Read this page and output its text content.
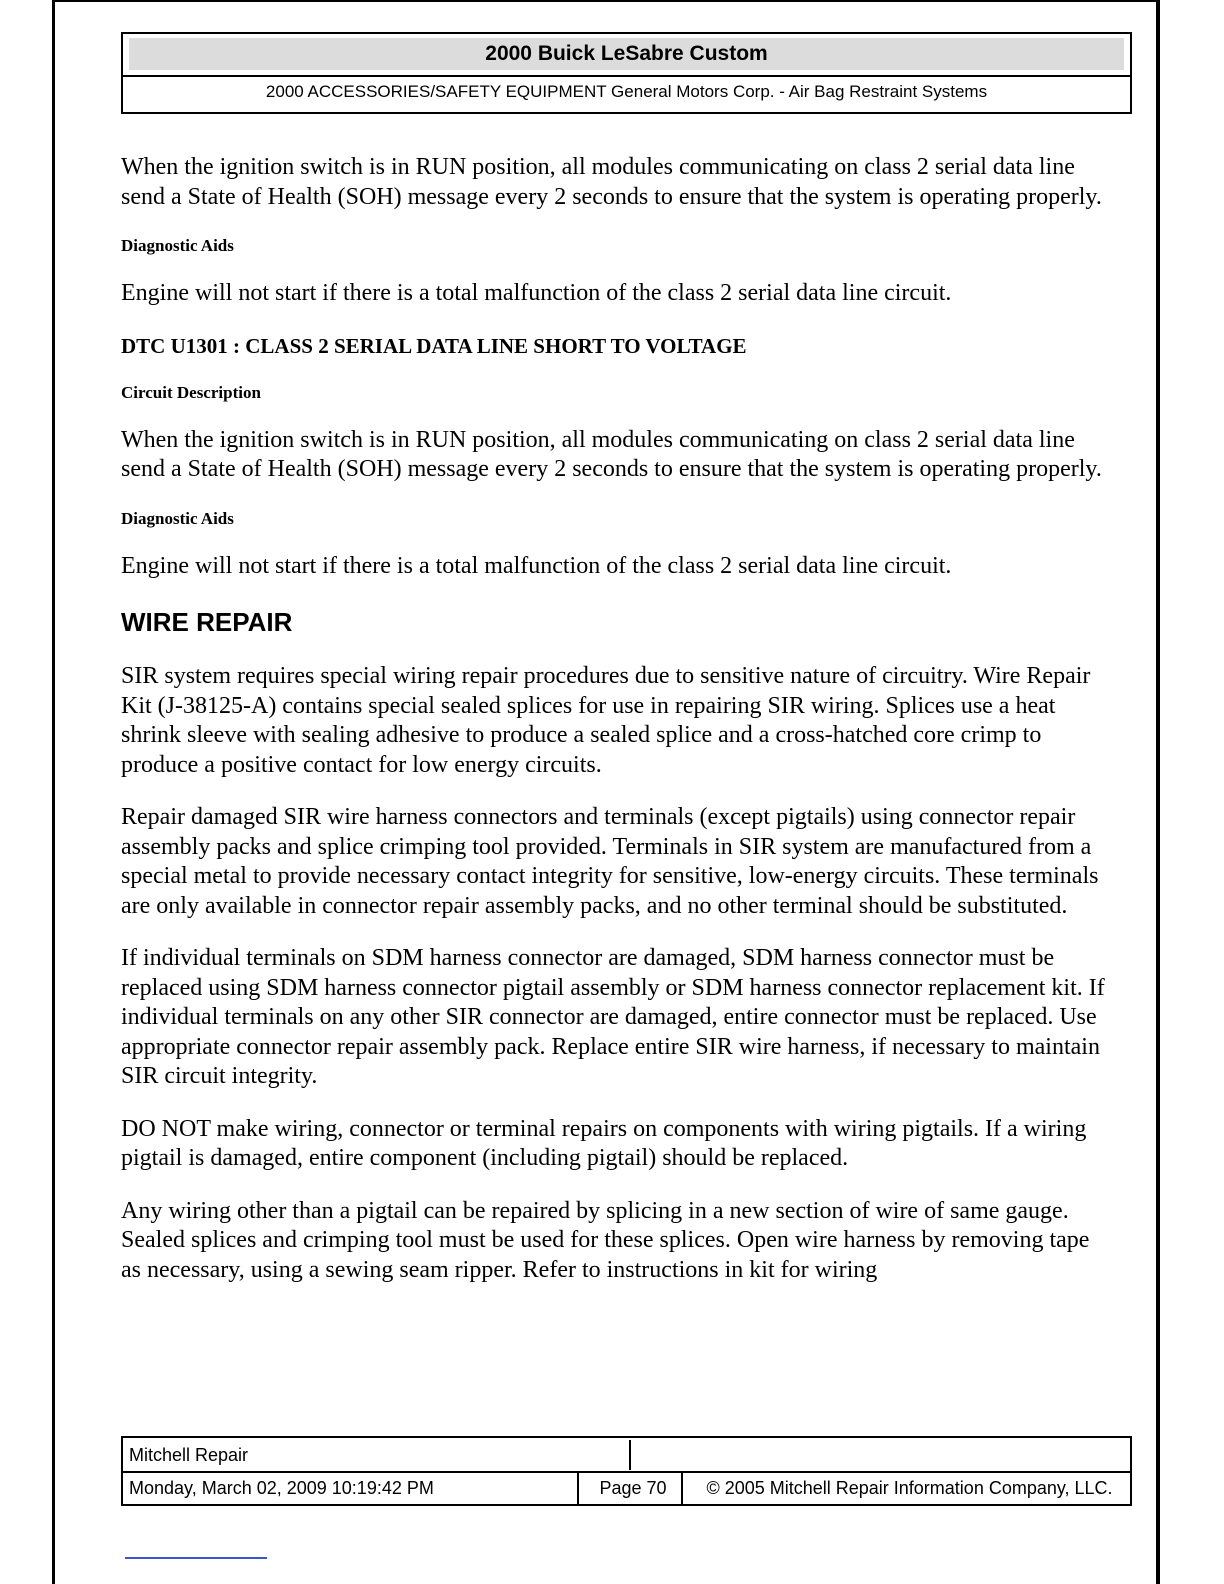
2000 Buick LeSabre Custom
2000 ACCESSORIES/SAFETY EQUIPMENT General Motors Corp. - Air Bag Restraint Systems

When the ignition switch is in RUN position, all modules communicating on class 2 serial data line send a State of Health (SOH) message every 2 seconds to ensure that the system is operating properly.

Diagnostic Aids

Engine will not start if there is a total malfunction of the class 2 serial data line circuit.

DTC U1301 : CLASS 2 SERIAL DATA LINE SHORT TO VOLTAGE
Circuit Description

When the ignition switch is in RUN position, all modules communicating on class 2 serial data line send a State of Health (SOH) message every 2 seconds to ensure that the system is operating properly.

Diagnostic Aids

Engine will not start if there is a total malfunction of the class 2 serial data line circuit.

WIRE REPAIR

SIR system requires special wiring repair procedures due to sensitive nature of circuitry. Wire Repair Kit (J-38125-A) contains special sealed splices for use in repairing SIR wiring. Splices use a heat shrink sleeve with sealing adhesive to produce a sealed splice and a cross-hatched core crimp to produce a positive contact for low energy circuits.

Repair damaged SIR wire harness connectors and terminals (except pigtails) using connector repair assembly packs and splice crimping tool provided. Terminals in SIR system are manufactured from a special metal to provide necessary contact integrity for sensitive, low-energy circuits. These terminals are only available in connector repair assembly packs, and no other terminal should be substituted.

If individual terminals on SDM harness connector are damaged, SDM harness connector must be replaced using SDM harness connector pigtail assembly or SDM harness connector replacement kit. If individual terminals on any other SIR connector are damaged, entire connector must be replaced. Use appropriate connector repair assembly pack. Replace entire SIR wire harness, if necessary to maintain SIR circuit integrity.

DO NOT make wiring, connector or terminal repairs on components with wiring pigtails. If a wiring pigtail is damaged, entire component (including pigtail) should be replaced.

Any wiring other than a pigtail can be repaired by splicing in a new section of wire of same gauge. Sealed splices and crimping tool must be used for these splices. Open wire harness by removing tape as necessary, using a sewing seam ripper. Refer to instructions in kit for wiring

Mitchell Repair
Monday, March 02, 2009 10:19:42 PM	Page 70	© 2005 Mitchell Repair Information Company, LLC.
